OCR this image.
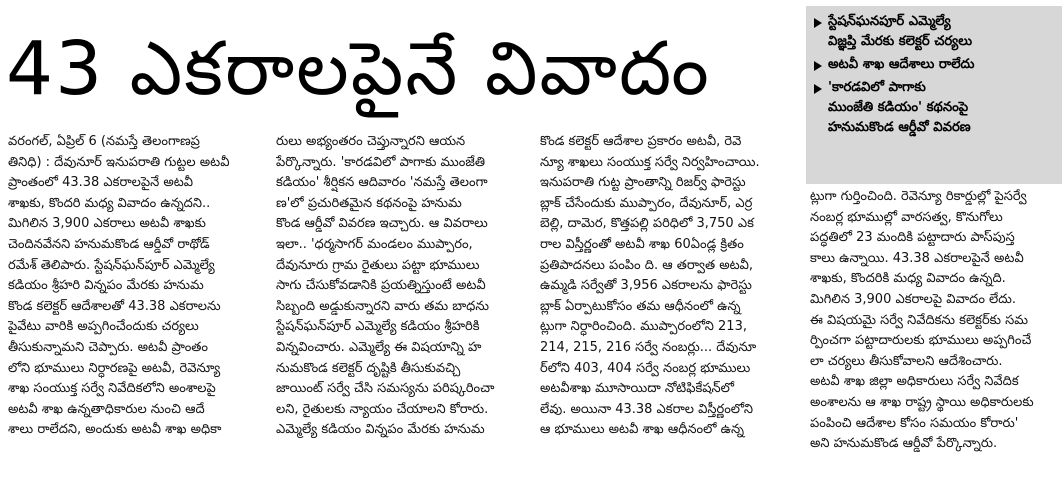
43 ఎకరాలపైనే వివాదం
స్టేషన్‌ఘనపూర్ ఎమ్మెల్యే
విజ్ఞప్తి మేరకు కలెక్టర్ చర్యలు
అటవీ శాఖ ఆదేశాలు రాలేదు
'కారడవిలో పాగాకు
ముంజేతి కడియం' కథనంపై
హనుమకొండ ఆర్డీవో వివరణ
వరంగల్, ఏప్రిల్ 6 (నమస్తే తెలంగాణప్ర
తినిధి) : దేవునూర్ ఇనుపరాతి గుట్టల అటవీ
ప్రాంతంలో 43.38 ఎకరాలపైనే అటవీ
శాఖకు, కొందరి మధ్య వివాదం ఉన్నదని..
మిగిలిన 3,900 ఎకరాలు అటవీ శాఖకు
చెందినవేనని హనుమకొండ ఆర్డీవో రాథోడ్
రమేశ్ తెలిపారు. స్టేషన్‌ఘన్‌పూర్ ఎమ్మెల్యే
కడియం శ్రీహరి విన్నపం మేరకు హనుమ
కొండ కలెక్టర్ ఆదేశాలతో 43.38 ఎకరాలను
పైవేటు వారికి అప్పగించేందుకు చర్యలు
తీసుకున్నామని చెప్పారు. అటవీ ప్రాంతం
లోని భూములు నిర్ధారణపై అటవీ, రెవెన్యూ
శాఖ సంయుక్త సర్వే నివేదికలోని అంశాలపై
అటవీ శాఖ ఉన్నతాధికారుల నుంచి ఆదే
శాలు రాలేదని, అందుకు అటవీ శాఖ అధికా
రులు అభ్యంతరం చెప్తున్నారని ఆయన
పేర్కొన్నారు. 'కారడవిలో పాగాకు ముంజేతి
కడియం' శీర్షికన ఆదివారం 'నమస్తే తెలంగా
ణ'లో ప్రచురితమైన కథనంపై హనుమ
కొండ ఆర్డీవో వివరణ ఇచ్చారు. ఆ వివరాలు
ఇలా.. 'ధర్మసాగర్ మండలం ముప్పారం,
దేవునూరు గ్రామ రైతులు పట్టా భూములు
సాగు చేసుకోవడానికి ప్రయత్నిస్తుంటే అటవీ
సిబ్బంది అడ్డుకున్నారని వారు తమ బాధను
స్టేషన్‌ఘన్‌పూర్ ఎమ్మెల్యే కడియం శ్రీహరికి
విన్నవించారు. ఎమ్మెల్యే ఈ విషయాన్ని హ
నుమకొండ కలెక్టర్ దృష్టికి తీసుకువచ్చి
జాయింట్ సర్వే చేసి సమస్యను పరిష్కరించా
లని, రైతులకు న్యాయం చేయాలని కోరారు.
ఎమ్మెల్యే కడియం విన్నపం మేరకు హనుమ
కొండ కలెక్టర్ ఆదేశాల ప్రకారం అటవీ, రెవె
న్యూ శాఖలు సంయుక్త సర్వే నిర్వహించాయి.
ఇనుపరాతి గుట్ట ప్రాంతాన్ని రిజర్వ్ ఫారెస్టు
బ్లాక్ చేసేందుకు ముప్పారం, దేవునూర్, ఎర్ర
బెల్లి, దామెర, కొత్తపల్లి పరిధిలో 3,750 ఎక
రాల విస్తీర్ణంతో అటవీ శాఖ 60ఏండ్ల క్రితం
ప్రతిపాదనలు పంపిం ది. ఆ తర్వాత అటవీ,
ఉమ్మడి సర్వేతో 3,956 ఎకరాలను ఫారెస్టు
బ్లాక్ ఏర్పాటుకోసం తమ ఆధీనంలో ఉన్న
ట్లుగా నిర్ధారించింది. ముప్పారంలోని 213,
214, 215, 216 సర్వే నంబర్లు... దేవునూ
ర్‌లోని 403, 404 సర్వే నంబర్ల భూములు
అటవీశాఖ మూసాయిదా నోటిఫికేషన్‌లో
లేవు. అయినా 43.38 ఎకరాల విస్తీర్ణంలోని
ఆ భూములు అటవీ శాఖ ఆధీనంలో ఉన్న
ట్లుగా గుర్తించింది. రెవెన్యూ రికార్డుల్లో పైసర్వే
నంబర్ల భూముల్లో వారసత్వ, కొనుగోలు
పద్ధతిలో 23 మందికి పట్టాదారు పాస్‌పుస్త
కాలు ఉన్నాయి. 43.38 ఎకరాలపైనే అటవీ
శాఖకు, కొందరికి మధ్య వివాదం ఉన్నది.
మిగిలిన 3,900 ఎకరాలపై వివాదం లేదు.
ఈ విషయమై సర్వే నివేదికను కలెక్టర్‌కు సమ
ర్పించగా పట్టాదారులకు భూములు అప్పగించే
లా చర్యలు తీసుకోవాలని ఆదేశించారు.
అటవీ శాఖ జిల్లా అధికారులు సర్వే నివేదిక
అంశాలను ఆ శాఖ రాష్ట్ర స్థాయి అధికారులకు
పంపించి ఆదేశాల కోసం సమయం కోరారు'
అని హనుమకొండ ఆర్డీవో పేర్కొన్నారు.
